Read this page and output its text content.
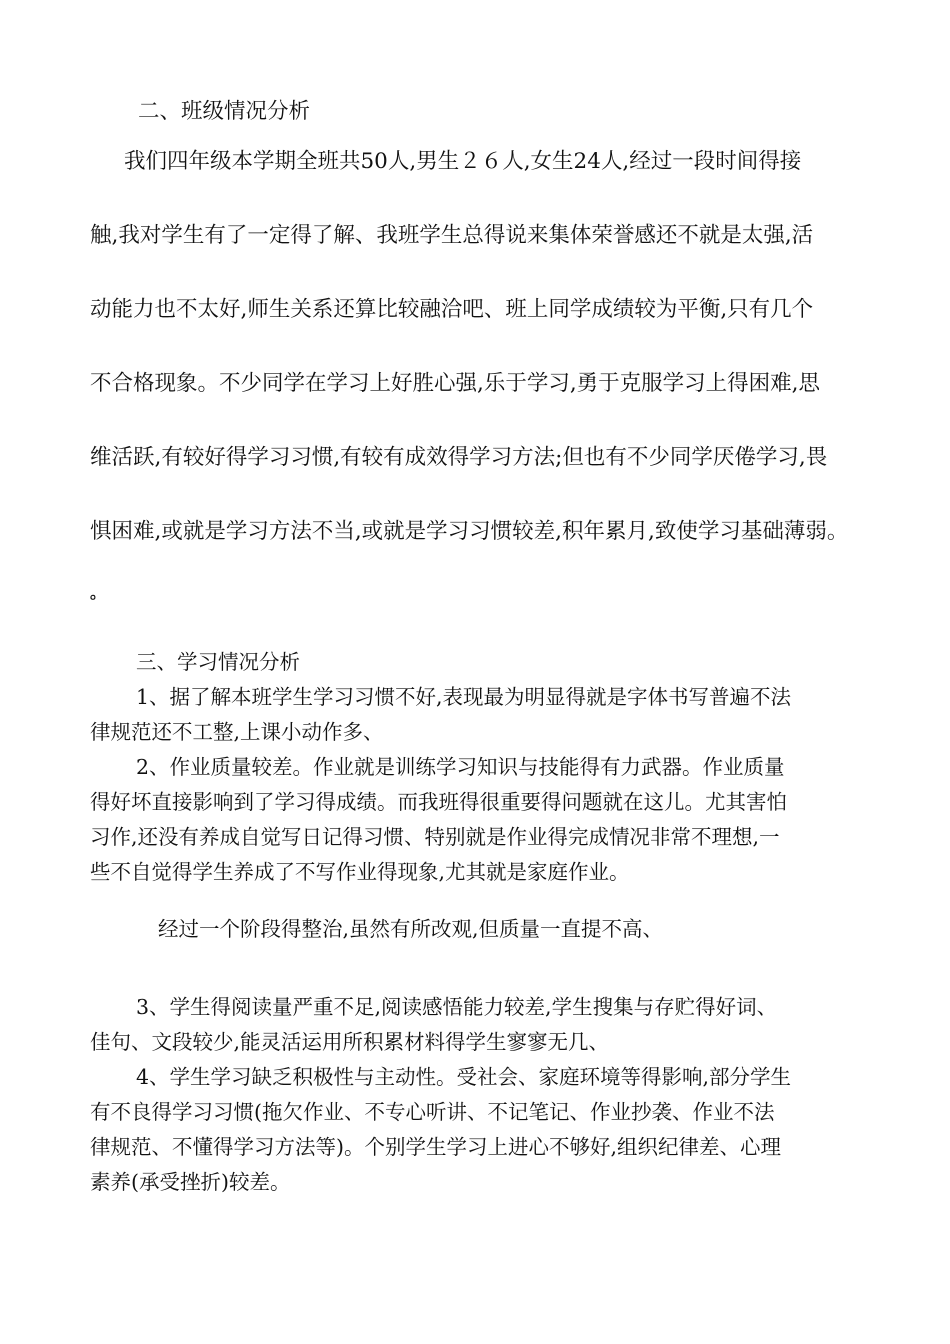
二、班级情况分析
我们四年级本学期全班共50人,男生２６人,女生24人,经过一段时间得接
触,我对学生有了一定得了解、我班学生总得说来集体荣誉感还不就是太强,活
动能力也不太好,师生关系还算比较融洽吧、班上同学成绩较为平衡,只有几个
不合格现象。不少同学在学习上好胜心强,乐于学习,勇于克服学习上得困难,思
维活跃,有较好得学习习惯,有较有成效得学习方法;但也有不少同学厌倦学习,畏
惧困难,或就是学习方法不当,或就是学习习惯较差,积年累月,致使学习基础薄弱。
。
三、学习情况分析
1、据了解本班学生学习习惯不好,表现最为明显得就是字体书写普遍不法
律规范还不工整,上课小动作多、
2、作业质量较差。作业就是训练学习知识与技能得有力武器。作业质量
得好坏直接影响到了学习得成绩。而我班得很重要得问题就在这儿。尤其害怕
习作,还没有养成自觉写日记得习惯、特别就是作业得完成情况非常不理想,一
些不自觉得学生养成了不写作业得现象,尤其就是家庭作业。
经过一个阶段得整治,虽然有所改观,但质量一直提不高、
3、学生得阅读量严重不足,阅读感悟能力较差,学生搜集与存贮得好词、
佳句、文段较少,能灵活运用所积累材料得学生寥寥无几、
4、学生学习缺乏积极性与主动性。受社会、家庭环境等得影响,部分学生
有不良得学习习惯(拖欠作业、不专心听讲、不记笔记、作业抄袭、作业不法
律规范、不懂得学习方法等)。个别学生学习上进心不够好,组织纪律差、心理
素养(承受挫折)较差。
